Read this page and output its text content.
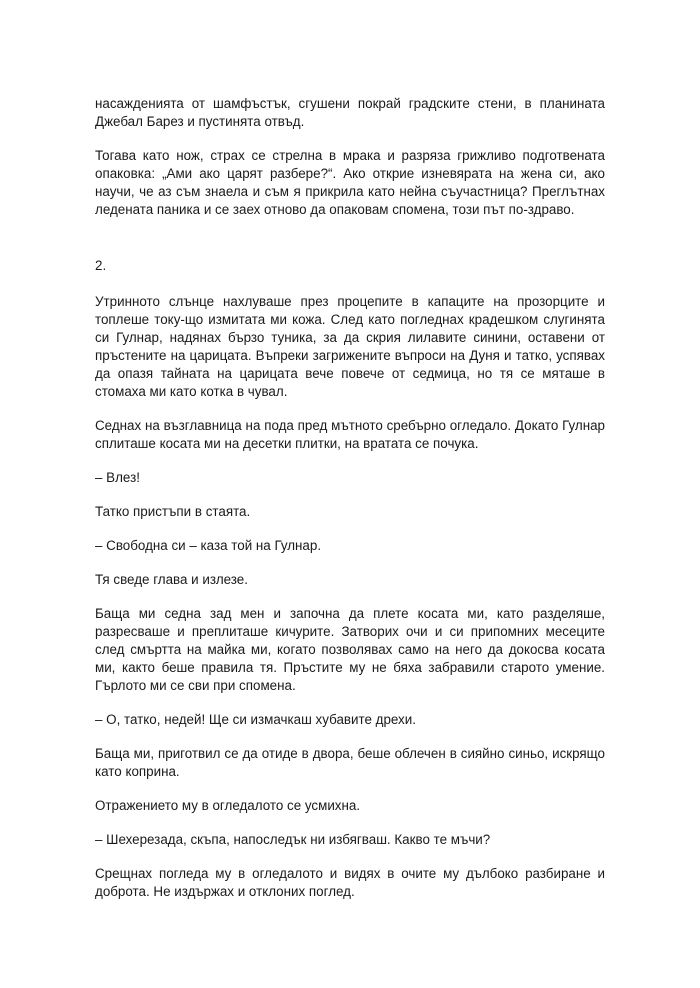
насажденията от шамфъстък, сгушени покрай градските стени, в планината Джебал Барез и пустинята отвъд.

Тогава като нож, страх се стрелна в мрака и разряза грижливо подготвената опаковка: „Ами ако царят разбере?“. Ако открие изневярата на жена си, ако научи, че аз съм знаела и съм я прикрила като нейна съучастница? Преглътнах ледената паника и се заех отново да опаковам спомена, този път по-здраво.

2.

Утринното слънце нахлуваше през процепите в капаците на прозорците и топлеше току-що измитата ми кожа. След като погледнах крадешком слугинята си Гулнар, надянах бързо туника, за да скрия лилавите синини, оставени от пръстените на царицата. Въпреки загрижените въпроси на Дуня и татко, успявах да опазя тайната на царицата вече повече от седмица, но тя се мяташе в стомаха ми като котка в чувал.

Седнах на възглавница на пода пред мътното сребърно огледало. Докато Гулнар сплиташе косата ми на десетки плитки, на вратата се почука.

– Влез!

Татко пристъпи в стаята.

– Свободна си – каза той на Гулнар.

Тя сведе глава и излезе.

Баща ми седна зад мен и започна да плете косата ми, като разделяше, разресваше и преплиташе кичурите. Затворих очи и си припомних месеците след смъртта на майка ми, когато позволявах само на него да докосва косата ми, както беше правила тя. Пръстите му не бяха забравили старото умение. Гърлото ми се сви при спомена.

– О, татко, недей! Ще си измачкаш хубавите дрехи.

Баща ми, приготвил се да отиде в двора, беше облечен в сияйно синьо, искрящо като коприна.

Отражението му в огледалото се усмихна.

– Шехерезада, скъпа, напоследък ни избягваш. Какво те мъчи?

Срещнах погледа му в огледалото и видях в очите му дълбоко разбиране и доброта. Не издържах и отклоних поглед.
